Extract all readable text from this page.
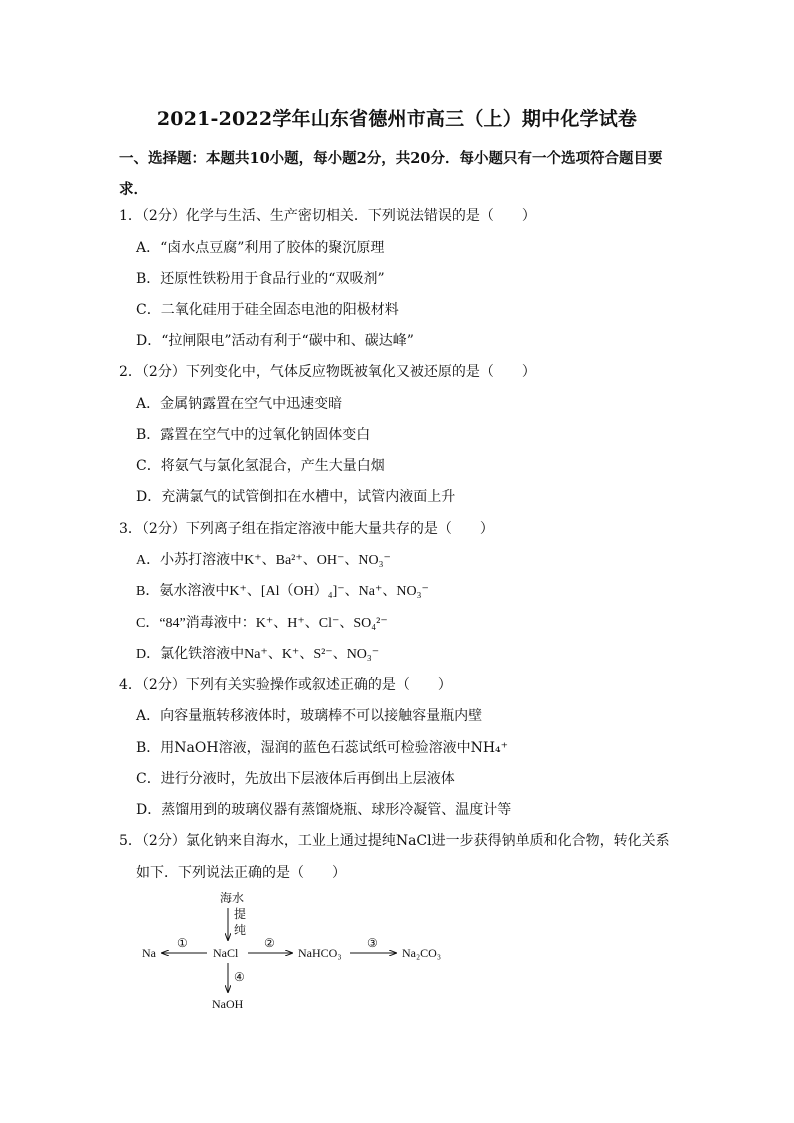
2021-2022学年山东省德州市高三（上）期中化学试卷
一、选择题：本题共10小题，每小题2分，共20分．每小题只有一个选项符合题目要求．
1．（2分）化学与生活、生产密切相关．下列说法错误的是（　　）
A．“卤水点豆腐”利用了胶体的聚沉原理
B．还原性铁粉用于食品行业的“双吸剂”
C．二氧化硅用于硅全固态电池的阳极材料
D．“拉闸限电”活动有利于“碳中和、碳达峰”
2．（2分）下列变化中，气体反应物既被氧化又被还原的是（　　）
A．金属钠露置在空气中迅速变暗
B．露置在空气中的过氧化钠固体变白
C．将氨气与氯化氢混合，产生大量白烟
D．充满氯气的试管倒扣在水槽中，试管内液面上升
3．（2分）下列离子组在指定溶液中能大量共存的是（　　）
A．小苏打溶液中K⁺、Ba²⁺、OH⁻、NO₃⁻
B．氨水溶液中K⁺、[Al（OH）₄]⁻、Na⁺、NO₃⁻
C．“84”消毒液中：K⁺、H⁺、Cl⁻、SO₄²⁻
D．氯化铁溶液中Na⁺、K⁺、S²⁻、NO₃⁻
4．（2分）下列有关实验操作或叙述正确的是（　　）
A．向容量瓶转移液体时，玻璃棒不可以接触容量瓶内壁
B．用NaOH溶液，湿润的蓝色石蕊试纸可检验溶液中NH₄⁺
C．进行分液时，先放出下层液体后再倒出上层液体
D．蒸馏用到的玻璃仪器有蒸馏烧瓶、球形冷凝管、温度计等
5．（2分）氯化钠来自海水，工业上通过提纯NaCl进一步获得钠单质和化合物，转化关系
如下．下列说法正确的是（　　）
海水
提
纯
NaCl
①
Na
②
NaHCO₃
③
Na₂CO₃
④
NaOH
